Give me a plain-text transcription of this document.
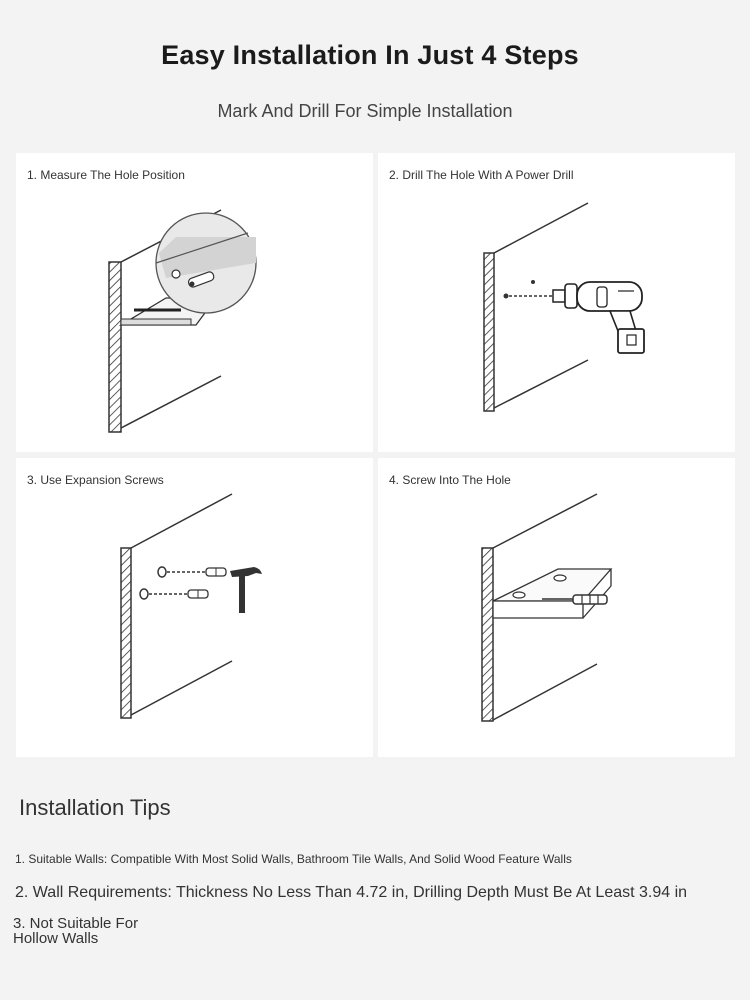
Easy Installation In Just 4 Steps
Mark And Drill For Simple Installation
1. Measure The Hole Position	2. Drill The Hole With A Power Drill
3. Use Expansion Screws	4. Screw Into The Hole
Installation Tips
1. Suitable Walls: Compatible With Most Solid Walls, Bathroom Tile Walls, And Solid Wood Feature Walls
2. Wall Requirements: Thickness No Less Than 4.72 in, Drilling Depth Must Be At Least 3.94 in
3. Not Suitable For Hollow Walls
